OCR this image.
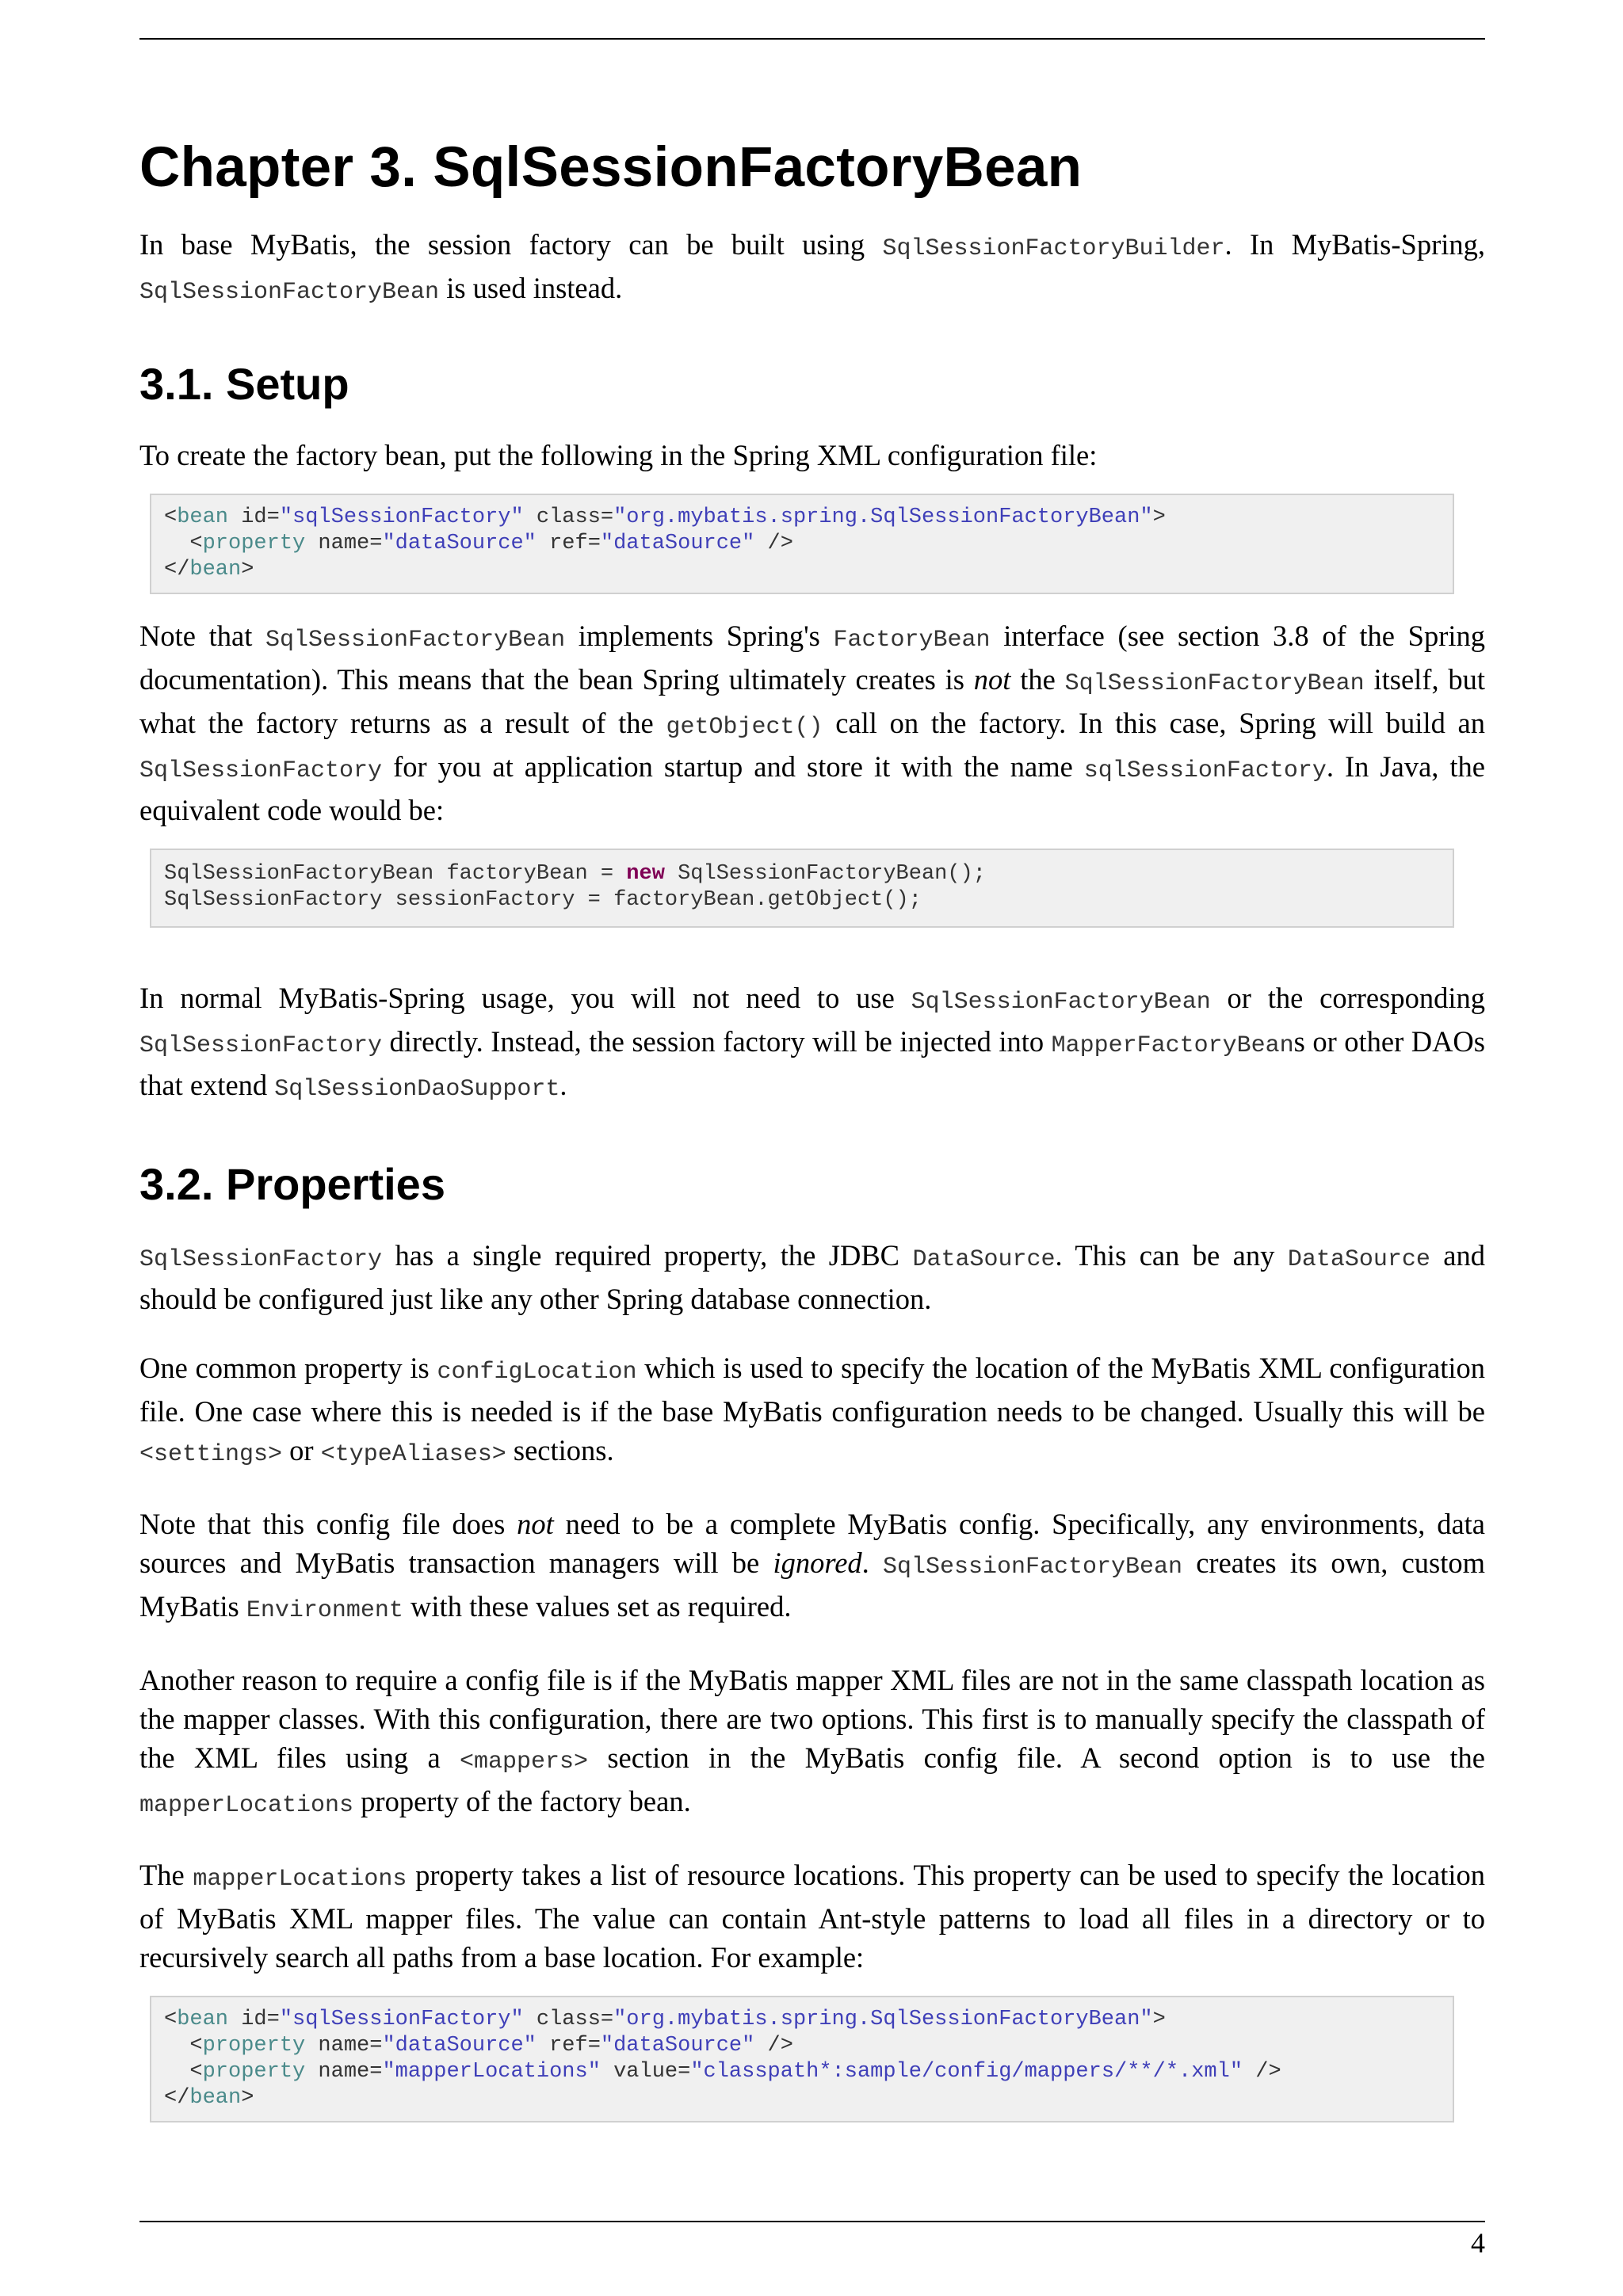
Chapter 3. SqlSessionFactoryBean

In base MyBatis, the session factory can be built using SqlSessionFactoryBuilder. In MyBatis-Spring, SqlSessionFactoryBean is used instead.

3.1. Setup

To create the factory bean, put the following in the Spring XML configuration file:

<bean id="sqlSessionFactory" class="org.mybatis.spring.SqlSessionFactoryBean">
<property name="dataSource" ref="dataSource" />
</bean>

Note that SqlSessionFactoryBean implements Spring's FactoryBean interface (see section 3.8 of the Spring documentation). This means that the bean Spring ultimately creates is not the SqlSessionFactoryBean itself, but what the factory returns as a result of the getObject() call on the factory. In this case, Spring will build an SqlSessionFactory for you at application startup and store it with the name sqlSessionFactory. In Java, the equivalent code would be:

SqlSessionFactoryBean factoryBean = new SqlSessionFactoryBean();
SqlSessionFactory sessionFactory = factoryBean.getObject();

In normal MyBatis-Spring usage, you will not need to use SqlSessionFactoryBean or the corresponding SqlSessionFactory directly. Instead, the session factory will be injected into MapperFactoryBeans or other DAOs that extend SqlSessionDaoSupport.

3.2. Properties

SqlSessionFactory has a single required property, the JDBC DataSource. This can be any DataSource and should be configured just like any other Spring database connection.

One common property is configLocation which is used to specify the location of the MyBatis XML configuration file. One case where this is needed is if the base MyBatis configuration needs to be changed. Usually this will be <settings> or <typeAliases> sections.

Note that this config file does not need to be a complete MyBatis config. Specifically, any environments, data sources and MyBatis transaction managers will be ignored. SqlSessionFactoryBean creates its own, custom MyBatis Environment with these values set as required.

Another reason to require a config file is if the MyBatis mapper XML files are not in the same classpath location as the mapper classes. With this configuration, there are two options. This first is to manually specify the classpath of the XML files using a <mappers> section in the MyBatis config file. A second option is to use the mapperLocations property of the factory bean.

The mapperLocations property takes a list of resource locations. This property can be used to specify the location of MyBatis XML mapper files. The value can contain Ant-style patterns to load all files in a directory or to recursively search all paths from a base location. For example:

<bean id="sqlSessionFactory" class="org.mybatis.spring.SqlSessionFactoryBean">
<property name="dataSource" ref="dataSource" />
<property name="mapperLocations" value="classpath*:sample/config/mappers/**/*.xml" />
</bean>
4
